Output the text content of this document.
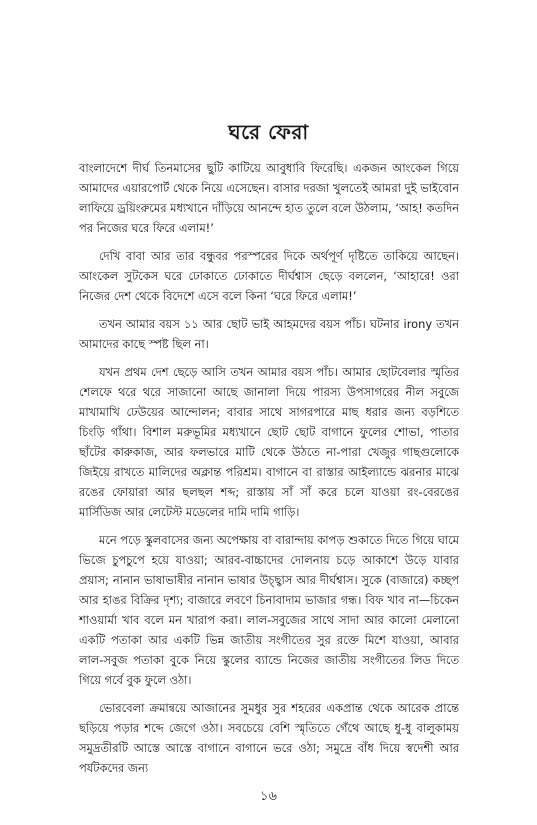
ঘরে ফেরা

বাংলাদেশে দীর্ঘ তিনমাসের ছুটি কাটিয়ে আবুধাবি ফিরেছি। একজন আংকেল গিয়ে আমাদের এয়ারপোর্ট থেকে নিয়ে এসেছেন। বাসার দরজা খুলতেই আমরা দুই ভাইবোন লাফিয়ে ড্রয়িংরুমের মধ্যখানে দাঁড়িয়ে আনন্দে হাত তুলে বলে উঠলাম, ‘আহ! কতদিন পর নিজের ঘরে ফিরে এলাম!’

দেখি বাবা আর তার বন্ধুবর পরস্পরের দিকে অর্থপূর্ণ দৃষ্টিতে তাকিয়ে আছেন। আংকেল সুটকেস ঘরে ঢোকাতে ঢোকাতে দীর্ঘশ্বাস ছেড়ে বললেন, ‘আহারে! ওরা নিজের দেশ থেকে বিদেশে এসে বলে কিনা ‘ঘরে ফিরে এলাম!’

তখন আমার বয়স ১১ আর ছোট ভাই আহমদের বয়স পাঁচ। ঘটনার irony তখন আমাদের কাছে স্পষ্ট ছিল না।

যখন প্রথম দেশ ছেড়ে আসি তখন আমার বয়স পাঁচ। আমার ছোটবেলার স্মৃতির শেলফে থরে থরে সাজানো আছে জানালা দিয়ে পারস্য উপসাগরের নীল সবুজে মাখামাখি ঢেউয়ের আন্দোলন; বাবার সাথে সাগরপারে মাছ ধরার জন্য বড়শিতে চিংড়ি গাঁথা। বিশাল মরুভূমির মধ্যখানে ছোট ছোট বাগানে ফুলের শোভা, পাতার ছাঁটের কারুকাজ, আর ফলভারে মাটি থেকে উঠতে না-পারা খেজুর গাছগুলোকে জিইয়ে রাখতে মালিদের অক্লান্ত পরিশ্রম। বাগানে বা রাস্তার আইল্যান্ডে ঝরনার মাঝে রঙের ফোয়ারা আর ছলছল শব্দ; রাস্তায় সাঁ সাঁ করে চলে যাওয়া রং-বেরঙের মার্সিডিজ আর লেটেস্ট মডেলের দামি দামি গাড়ি।

মনে পড়ে স্কুলবাসের জন্য অপেক্ষায় বা বারান্দায় কাপড় শুকাতে দিতে গিয়ে ঘামে ভিজে চুপচুপে হয়ে যাওয়া; আরব-বাচ্চাদের দোলনায় চড়ে আকাশে উড়ে যাবার প্রয়াস; নানান ভাষাভাষীর নানান ভাষার উচ্ছ্বাস আর দীর্ঘশ্বাস। সুকে (বাজারে) কচ্ছপ আর হাঙর বিক্রির দৃশ্য; বাজারে লবণে চিনাবাদাম ভাজার গন্ধ। বিফ খাব না—চিকেন শাওয়ার্মা খাব বলে মন খারাপ করা। লাল-সবুজের সাথে সাদা আর কালো মেলানো একটি পতাকা আর একটি ভিন্ন জাতীয় সংগীতের সুর রক্তে মিশে যাওয়া, আবার লাল-সবুজ পতাকা বুকে নিয়ে স্কুলের ব্যান্ডে নিজের জাতীয় সংগীতের লিড দিতে গিয়ে গর্বে বুক ফুলে ওঠা।

ভোরবেলা ক্রমান্বয়ে আজানের সুমধুর সুর শহরের একপ্রান্ত থেকে আরেক প্রান্তে ছড়িয়ে পড়ার শব্দে জেগে ওঠা। সবচেয়ে বেশি স্মৃতিতে গেঁথে আছে ধু-ধু বালুকাময় সমুদ্রতীরটি আস্তে আস্তে বাগানে বাগানে ভরে ওঠা; সমুদ্রে বাঁধ দিয়ে স্বদেশী আর পর্যটকদের জন্য

১৬
